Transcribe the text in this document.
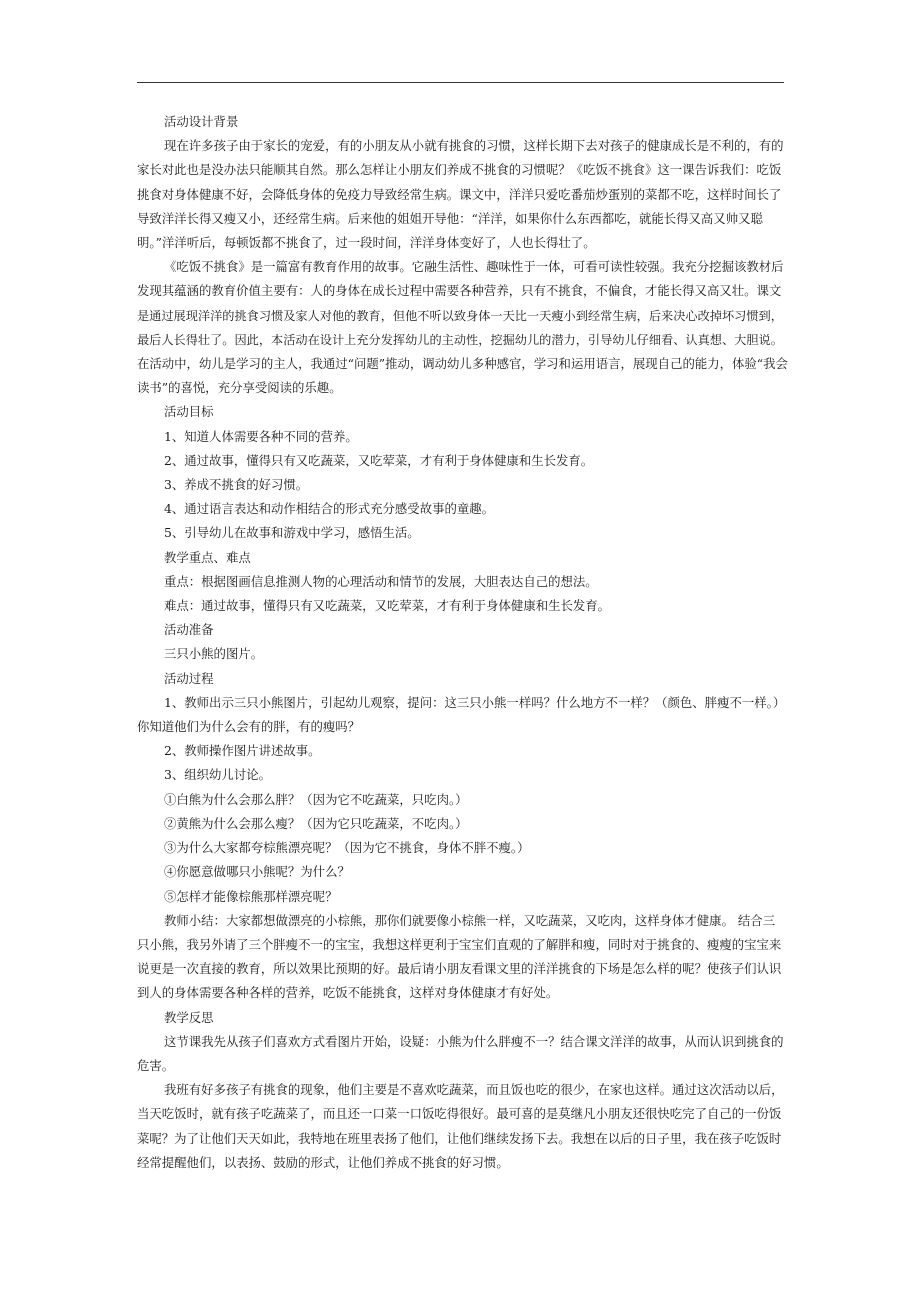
活动设计背景

现在许多孩子由于家长的宠爱，有的小朋友从小就有挑食的习惯，这样长期下去对孩子的健康成长是不利的，有的

家长对此也是没办法只能顺其自然。那么怎样让小朋友们养成不挑食的习惯呢？《吃饭不挑食》这一课告诉我们：吃饭

挑食对身体健康不好，会降低身体的免疫力导致经常生病。课文中，洋洋只爱吃番茄炒蛋别的菜都不吃，这样时间长了

导致洋洋长得又瘦又小，还经常生病。后来他的姐姐开导他：“洋洋，如果你什么东西都吃，就能长得又高又帅又聪

明。”洋洋听后，每顿饭都不挑食了，过一段时间，洋洋身体变好了，人也长得壮了。

《吃饭不挑食》是一篇富有教育作用的故事。它融生活性、趣味性于一体，可看可读性较强。我充分挖掘该教材后

发现其蕴涵的教育价值主要有：人的身体在成长过程中需要各种营养，只有不挑食，不偏食，才能长得又高又壮。课文

是通过展现洋洋的挑食习惯及家人对他的教育，但他不听以致身体一天比一天瘦小到经常生病，后来决心改掉坏习惯到，

最后人长得壮了。因此，本活动在设计上充分发挥幼儿的主动性，挖掘幼儿的潜力，引导幼儿仔细看、认真想、大胆说。

在活动中，幼儿是学习的主人，我通过“问题”推动，调动幼儿多种感官，学习和运用语言，展现自己的能力，体验“我会

读书”的喜悦，充分享受阅读的乐趣。

活动目标

1、知道人体需要各种不同的营养。

2、通过故事，懂得只有又吃蔬菜，又吃荤菜，才有利于身体健康和生长发育。

3、养成不挑食的好习惯。

4、通过语言表达和动作相结合的形式充分感受故事的童趣。

5、引导幼儿在故事和游戏中学习，感悟生活。

教学重点、难点

重点：根据图画信息推测人物的心理活动和情节的发展，大胆表达自己的想法。

难点：通过故事，懂得只有又吃蔬菜，又吃荤菜，才有利于身体健康和生长发育。

活动准备

三只小熊的图片。

活动过程

1、教师出示三只小熊图片，引起幼儿观察，提问：这三只小熊一样吗？什么地方不一样？（颜色、胖瘦不一样。）

你知道他们为什么会有的胖，有的瘦吗？

2、教师操作图片讲述故事。

3、组织幼儿讨论。

①白熊为什么会那么胖？（因为它不吃蔬菜，只吃肉。）

②黄熊为什么会那么瘦？（因为它只吃蔬菜，不吃肉。）

③为什么大家都夸棕熊漂亮呢？（因为它不挑食，身体不胖不瘦。）

④你愿意做哪只小熊呢？为什么？

⑤怎样才能像棕熊那样漂亮呢？

教师小结：大家都想做漂亮的小棕熊，那你们就要像小棕熊一样，又吃蔬菜，又吃肉，这样身体才健康。 结合三

只小熊，我另外请了三个胖瘦不一的宝宝，我想这样更利于宝宝们直观的了解胖和瘦，同时对于挑食的、瘦瘦的宝宝来

说更是一次直接的教育，所以效果比预期的好。最后请小朋友看课文里的洋洋挑食的下场是怎么样的呢？使孩子们认识

到人的身体需要各种各样的营养，吃饭不能挑食，这样对身体健康才有好处。

教学反思

这节课我先从孩子们喜欢方式看图片开始，设疑：小熊为什么胖瘦不一？结合课文洋洋的故事，从而认识到挑食的

危害。

我班有好多孩子有挑食的现象，他们主要是不喜欢吃蔬菜，而且饭也吃的很少，在家也这样。通过这次活动以后，

当天吃饭时，就有孩子吃蔬菜了，而且还一口菜一口饭吃得很好。最可喜的是莫继凡小朋友还很快吃完了自己的一份饭

菜呢？为了让他们天天如此，我特地在班里表扬了他们，让他们继续发扬下去。我想在以后的日子里，我在孩子吃饭时

经常提醒他们，以表扬、鼓励的形式，让他们养成不挑食的好习惯。
